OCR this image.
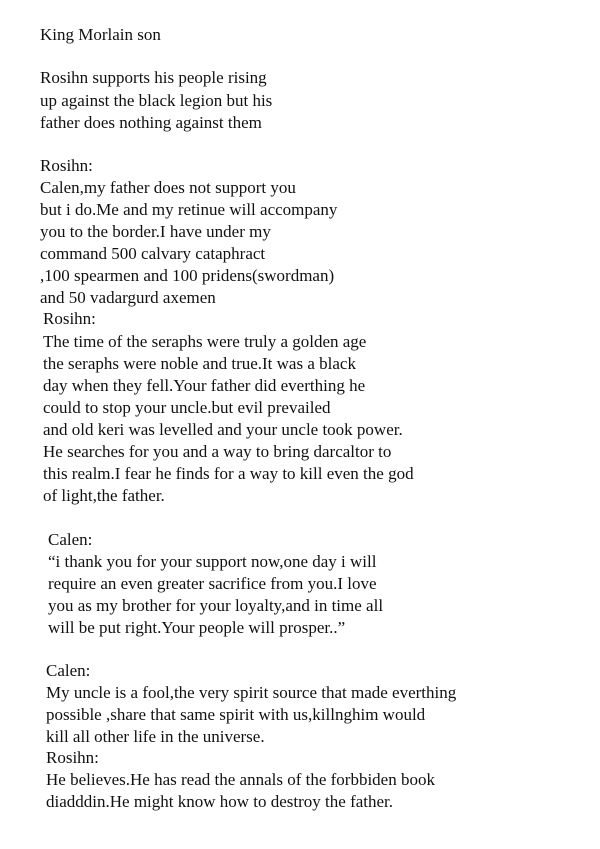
King Morlain son
Rosihn supports his people rising
up against the black legion but his
father does nothing against them
Rosihn:
Calen,my father does not support you
but i do.Me and my retinue will accompany
you to the border.I have under my
command 500 calvary cataphract
,100 spearmen and 100 pridens(swordman)
and 50 vadargurd axemen
Rosihn:
The time of the seraphs were truly a golden age
the seraphs were noble and true.It was a black
day when they fell.Your father did everthing he
could to stop your uncle.but evil prevailed
and old keri was levelled and your uncle took power.
He searches for you and a way to bring darcaltor to
this realm.I fear he finds for a way to kill even the god
of light,the father.
Calen:
“i thank you for your support now,one day i will
require an even greater sacrifice from you.I love
you as my brother for your loyalty,and in time all
will be put right.Your people will prosper..”
Calen:
My uncle is a fool,the very spirit source that made everthing
possible ,share that same spirit with us,killnghim would
kill all other life in the universe.
Rosihn:
He believes.He has read the annals of the forbbiden book
diadddin.He might know how to destroy the father.
